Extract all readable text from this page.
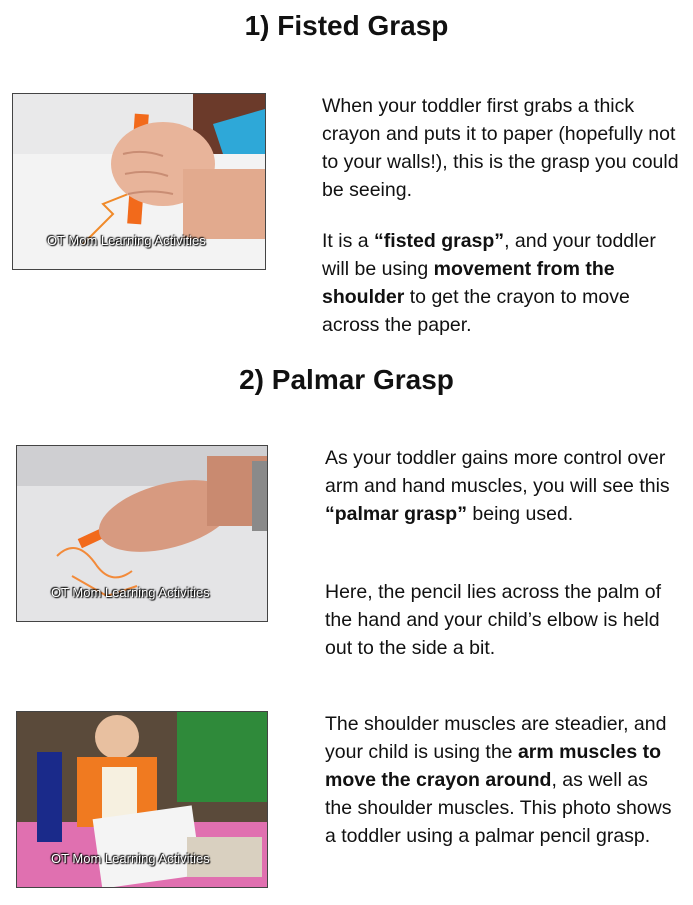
1) Fisted Grasp
OT Mom Learning Activities

When your toddler first grabs a thick crayon and puts it to paper (hopefully not to your walls!), this is the grasp you could be seeing.

It is a “fisted grasp”, and your toddler will be using movement from the shoulder to get the crayon to move across the paper.

2) Palmar Grasp
OT Mom Learning Activities

As your toddler gains more control over arm and hand muscles, you will see this “palmar grasp” being used.

Here, the pencil lies across the palm of the hand and your child’s elbow is held out to the side a bit.

OT Mom Learning Activities

The shoulder muscles are steadier, and your child is using the arm muscles to move the crayon around, as well as the shoulder muscles. This photo shows a toddler using a palmar pencil grasp.
